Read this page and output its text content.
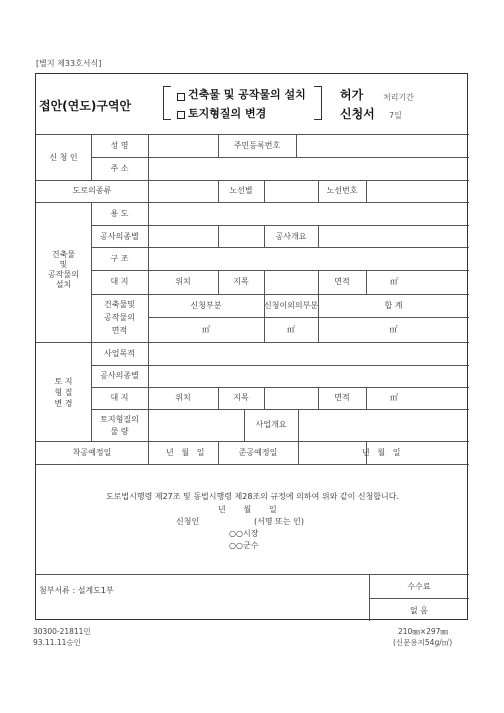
[별지 제33호서식]
접안(연도)구역안
건축물 및 공작물의 설치
토지형질의 변경
허가
신청서
처리기간
7일
신 청 인
성 명	주민등록번호
주 소
도로의종류	노선별	노선번호
건축물
및
공작물의
설치
용 도
공사의종별	공사개요
구 조
대 지	위치	지목	면적	㎡
건축물및
공작물의
면적
신청부분	신청이외의부분	합 계
㎡	㎡	㎡
토 지
형 질
변 경
사업목적
공사의종별
대 지	위치	지목	면적	㎡
토지형질의
물 량
사업개요
착공예정일	년   월   일	준공예정일	년   월   일
도로법시행령 제27조 및 동법시행령 제28조의 규정에 의하여 위와 같이 신청합니다.
년       월       일
신청인	(서명 또는 인)
○○시장
○○군수
첨부서류 : 설계도1부	수수료
없 음
30300-21811민
93.11.11승인
210㎜×297㎜
(신문용지54g/㎡)
